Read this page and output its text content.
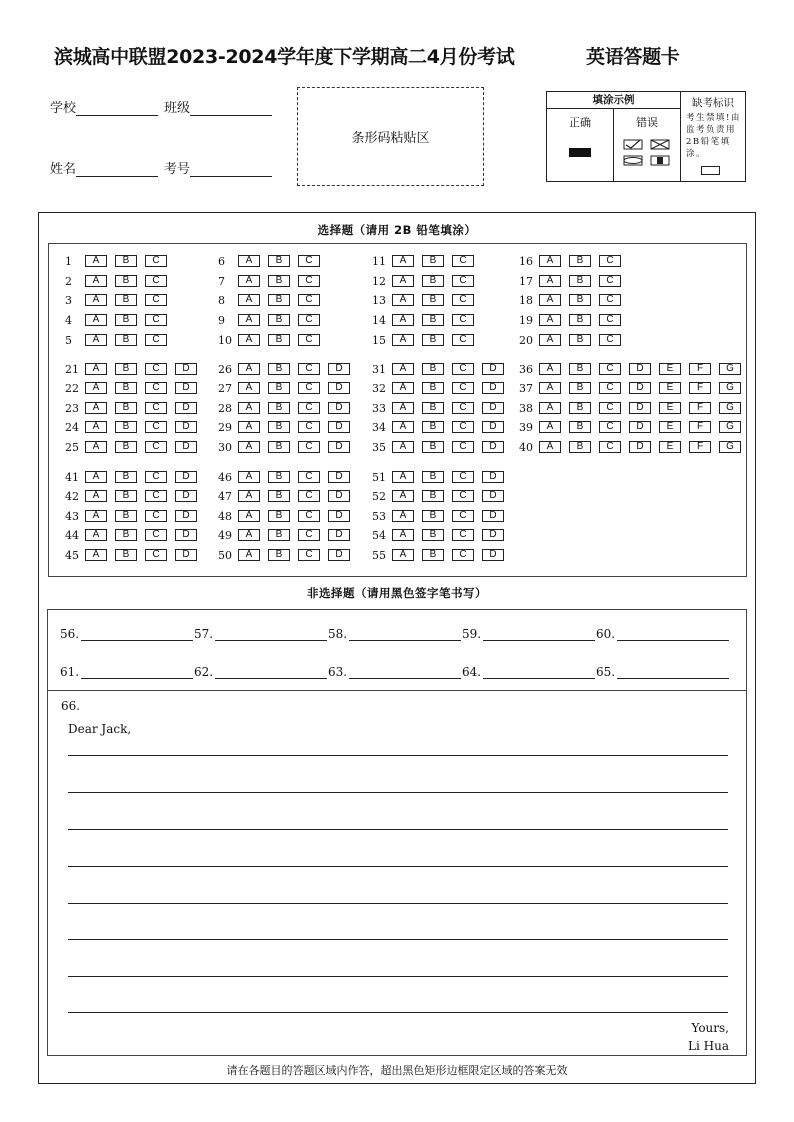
滨城高中联盟2023-2024学年度下学期高二4月份考试	英语答题卡
学校	班级
姓名	考号
条形码粘贴区
填涂示例
正确	错误
缺考标识
考生禁填!由监考负责用2B铅笔填涂。
选择题（请用 2B 铅笔填涂）
1	A	B	C
2	A	B	C
3	A	B	C
4	A	B	C
5	A	B	C
6	A	B	C
7	A	B	C
8	A	B	C
9	A	B	C
10	A	B	C
11	A	B	C
12	A	B	C
13	A	B	C
14	A	B	C
15	A	B	C
16	A	B	C
17	A	B	C
18	A	B	C
19	A	B	C
20	A	B	C
21	A	B	C	D
22	A	B	C	D
23	A	B	C	D
24	A	B	C	D
25	A	B	C	D
26	A	B	C	D
27	A	B	C	D
28	A	B	C	D
29	A	B	C	D
30	A	B	C	D
31	A	B	C	D
32	A	B	C	D
33	A	B	C	D
34	A	B	C	D
35	A	B	C	D
36	A	B	C	D	E	F	G
37	A	B	C	D	E	F	G
38	A	B	C	D	E	F	G
39	A	B	C	D	E	F	G
40	A	B	C	D	E	F	G
41	A	B	C	D
42	A	B	C	D
43	A	B	C	D
44	A	B	C	D
45	A	B	C	D
46	A	B	C	D
47	A	B	C	D
48	A	B	C	D
49	A	B	C	D
50	A	B	C	D
51	A	B	C	D
52	A	B	C	D
53	A	B	C	D
54	A	B	C	D
55	A	B	C	D
非选择题（请用黑色签字笔书写）
56.	57.	58.	59.	60.
61.	62.	63.	64.	65.
66.
Dear Jack,
Yours,
Li Hua
请在各题目的答题区域内作答，超出黑色矩形边框限定区域的答案无效
